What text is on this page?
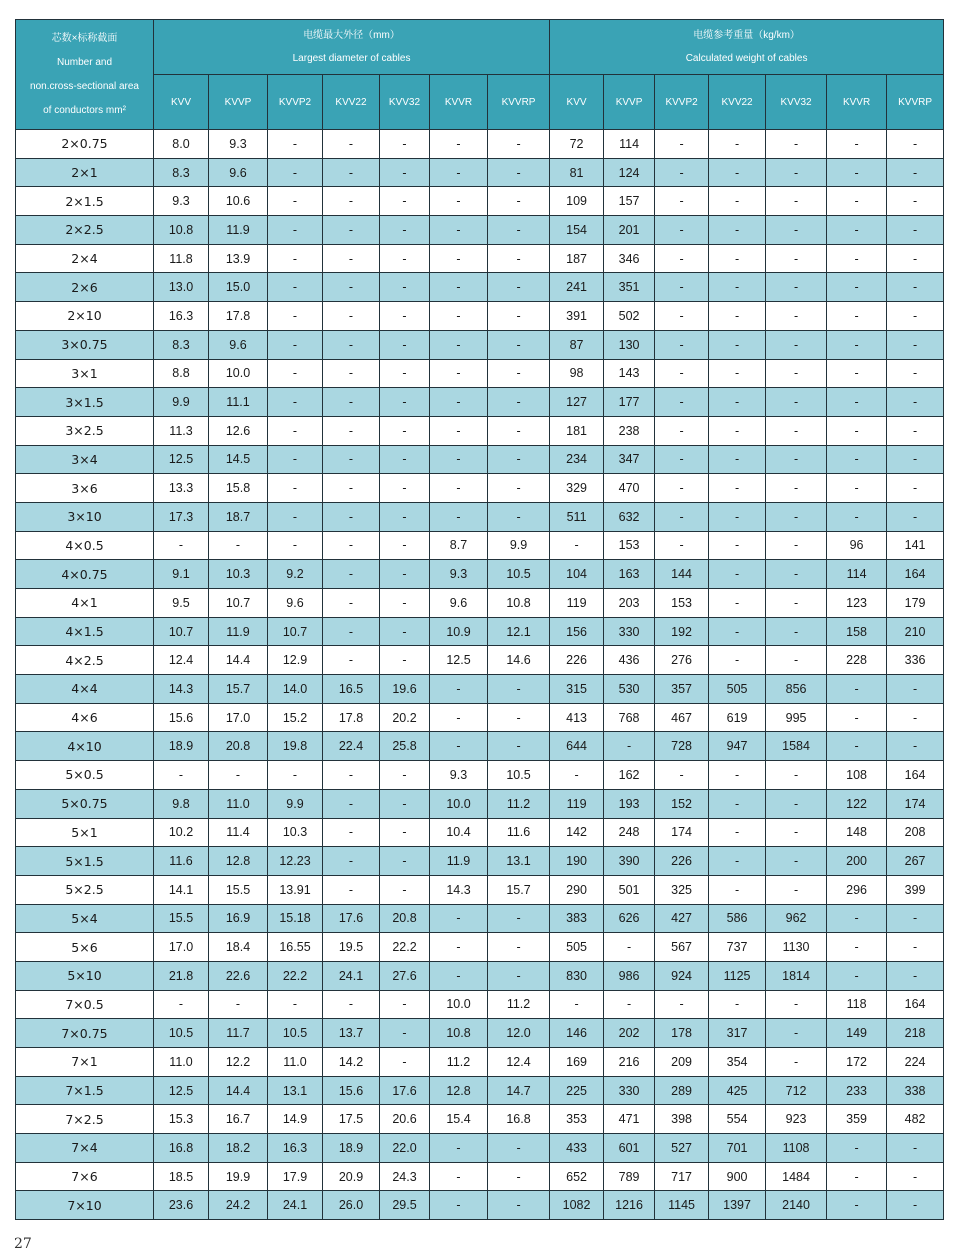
芯数×标称截面
Number and
non.cross-sectional area
of conductors mm²	电缆最大外径（mm）
Largest diameter of cables							电缆参考重量（kg/km）
Calculated weight of cables						

	KVV	KVVP	KVVP2	KVV22	KVV32	KVVR	KVVRP	KVV	KVVP	KVVP2	KVV22	KVV32	KVVR	KVVRP
2×0.75	8.0	9.3	-	-	-	-	-	72	114	-	-	-	-	-
2×1	8.3	9.6	-	-	-	-	-	81	124	-	-	-	-	-
2×1.5	9.3	10.6	-	-	-	-	-	109	157	-	-	-	-	-
2×2.5	10.8	11.9	-	-	-	-	-	154	201	-	-	-	-	-
2×4	11.8	13.9	-	-	-	-	-	187	346	-	-	-	-	-
2×6	13.0	15.0	-	-	-	-	-	241	351	-	-	-	-	-
2×10	16.3	17.8	-	-	-	-	-	391	502	-	-	-	-	-
3×0.75	8.3	9.6	-	-	-	-	-	87	130	-	-	-	-	-
3×1	8.8	10.0	-	-	-	-	-	98	143	-	-	-	-	-
3×1.5	9.9	11.1	-	-	-	-	-	127	177	-	-	-	-	-
3×2.5	11.3	12.6	-	-	-	-	-	181	238	-	-	-	-	-
3×4	12.5	14.5	-	-	-	-	-	234	347	-	-	-	-	-
3×6	13.3	15.8	-	-	-	-	-	329	470	-	-	-	-	-
3×10	17.3	18.7	-	-	-	-	-	511	632	-	-	-	-	-
4×0.5	-	-	-	-	-	8.7	9.9	-	153	-	-	-	96	141
4×0.75	9.1	10.3	9.2	-	-	9.3	10.5	104	163	144	-	-	114	164
4×1	9.5	10.7	9.6	-	-	9.6	10.8	119	203	153	-	-	123	179
4×1.5	10.7	11.9	10.7	-	-	10.9	12.1	156	330	192	-	-	158	210
4×2.5	12.4	14.4	12.9	-	-	12.5	14.6	226	436	276	-	-	228	336
4×4	14.3	15.7	14.0	16.5	19.6	-	-	315	530	357	505	856	-	-
4×6	15.6	17.0	15.2	17.8	20.2	-	-	413	768	467	619	995	-	-
4×10	18.9	20.8	19.8	22.4	25.8	-	-	644	-	728	947	1584	-	-
5×0.5	-	-	-	-	-	9.3	10.5	-	162	-	-	-	108	164
5×0.75	9.8	11.0	9.9	-	-	10.0	11.2	119	193	152	-	-	122	174
5×1	10.2	11.4	10.3	-	-	10.4	11.6	142	248	174	-	-	148	208
5×1.5	11.6	12.8	12.23	-	-	11.9	13.1	190	390	226	-	-	200	267
5×2.5	14.1	15.5	13.91	-	-	14.3	15.7	290	501	325	-	-	296	399
5×4	15.5	16.9	15.18	17.6	20.8	-	-	383	626	427	586	962	-	-
5×6	17.0	18.4	16.55	19.5	22.2	-	-	505	-	567	737	1130	-	-
5×10	21.8	22.6	22.2	24.1	27.6	-	-	830	986	924	1125	1814	-	-
7×0.5	-	-	-	-	-	10.0	11.2	-	-	-	-	-	118	164
7×0.75	10.5	11.7	10.5	13.7	-	10.8	12.0	146	202	178	317	-	149	218
7×1	11.0	12.2	11.0	14.2	-	11.2	12.4	169	216	209	354	-	172	224
7×1.5	12.5	14.4	13.1	15.6	17.6	12.8	14.7	225	330	289	425	712	233	338
7×2.5	15.3	16.7	14.9	17.5	20.6	15.4	16.8	353	471	398	554	923	359	482
7×4	16.8	18.2	16.3	18.9	22.0	-	-	433	601	527	701	1108	-	-
7×6	18.5	19.9	17.9	20.9	24.3	-	-	652	789	717	900	1484	-	-
7×10	23.6	24.2	24.1	26.0	29.5	-	-	1082	1216	1145	1397	2140	-	-
27
